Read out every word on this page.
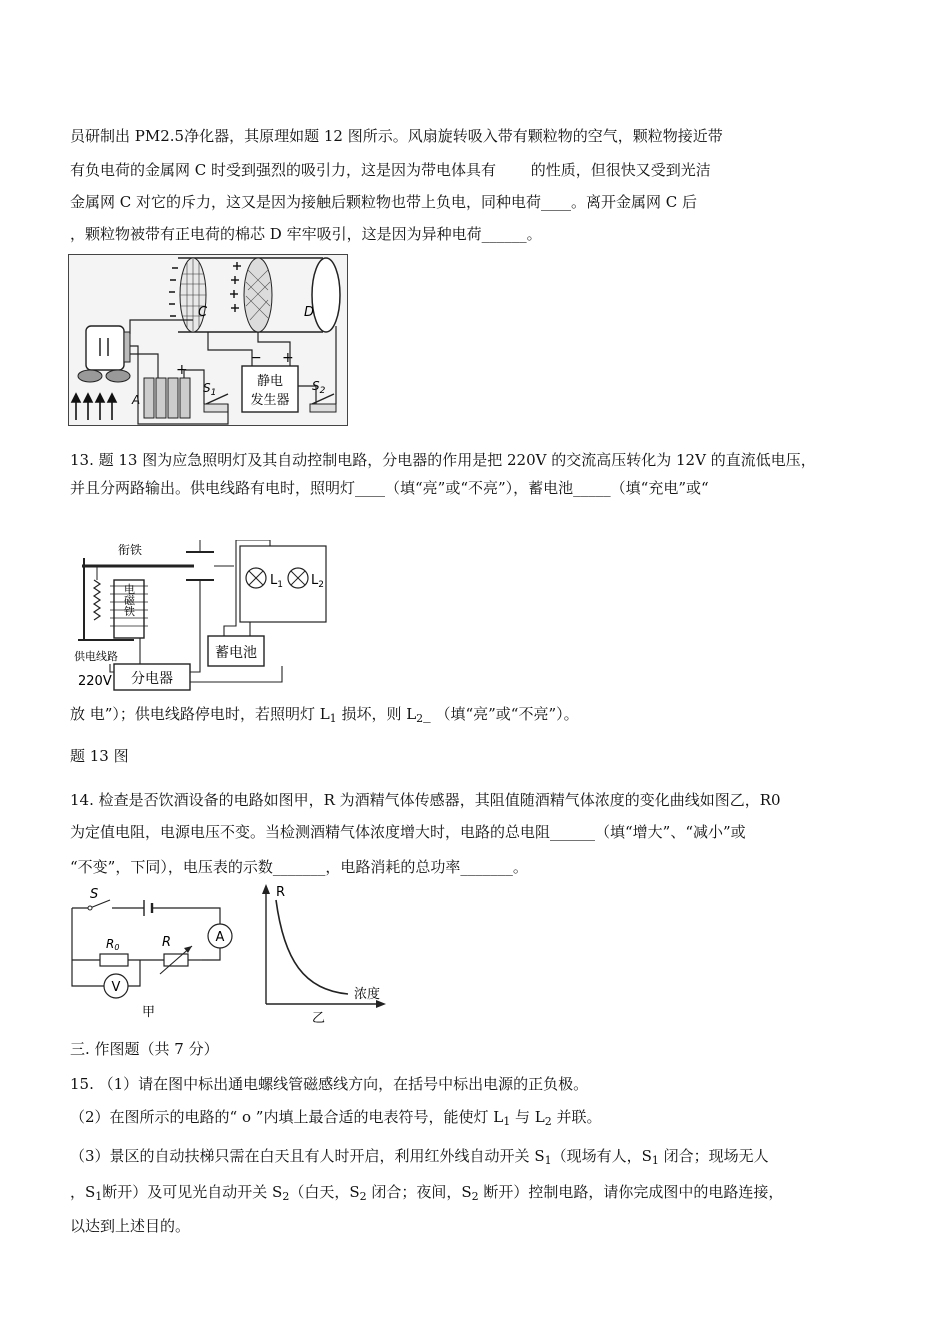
员研制出 PM2.5净化器，其原理如题 12 图所示。风扇旋转吸入带有颗粒物的空气，颗粒物接近带
有负电荷的金属网 C 时受到强烈的吸引力，这是因为带电体具有　　 的性质，但很快又受到光洁
金属网 C 对它的斥力，这又是因为接触后颗粒物也带上负电，同种电荷____。离开金属网 C 后
，颗粒物被带有正电荷的棉芯 D 牢牢吸引，这是因为异种电荷______。
C	D
A
+
$S_1$
静电
发生器
− +
$S_2$
13. 题 13 图为应急照明灯及其自动控制电路，分电器的作用是把 220V 的交流高压转化为 12V 的直流低电压，
并且分两路输出。供电线路有电时，照明灯____（填“亮”或“不亮”），蓄电池_____（填“充电”或“
衔铁
电磁铁
$L_1$ $L_2$
蓄电池
分电器
供电线路
220V
放 电”）；供电线路停电时，若照明灯 $L_1$ 损坏，则 $L_2\_$ （填“亮”或“不亮”）。
题 13 图
14. 检查是否饮酒设备的电路如图甲，R 为酒精气体传感器，其阻值随酒精气体浓度的变化曲线如图乙，R0
为定值电阻，电源电压不变。当检测酒精气体浓度增大时，电路的总电阻______（填“增大”、“减小”或
“不变”，下同），电压表的示数_______，电路消耗的总功率_______。
S
R0	R	A
V
甲
R
浓度
乙
三. 作图题（共 7 分）
15. （1）请在图中标出通电螺线管磁感线方向，在括号中标出电源的正负极。
（2）在图所示的电路的“ o ”内填上最合适的电表符号，能使灯 $L_1$ 与 $L_2$ 并联。
（3）景区的自动扶梯只需在白天且有人时开启，利用红外线自动开关 $S_1$（现场有人，$S_1$ 闭合；现场无人
，$S_1$断开）及可见光自动开关 $S_2$（白天，$S_2$ 闭合；夜间，$S_2$ 断开）控制电路，请你完成图中的电路连接，
以达到上述目的。
